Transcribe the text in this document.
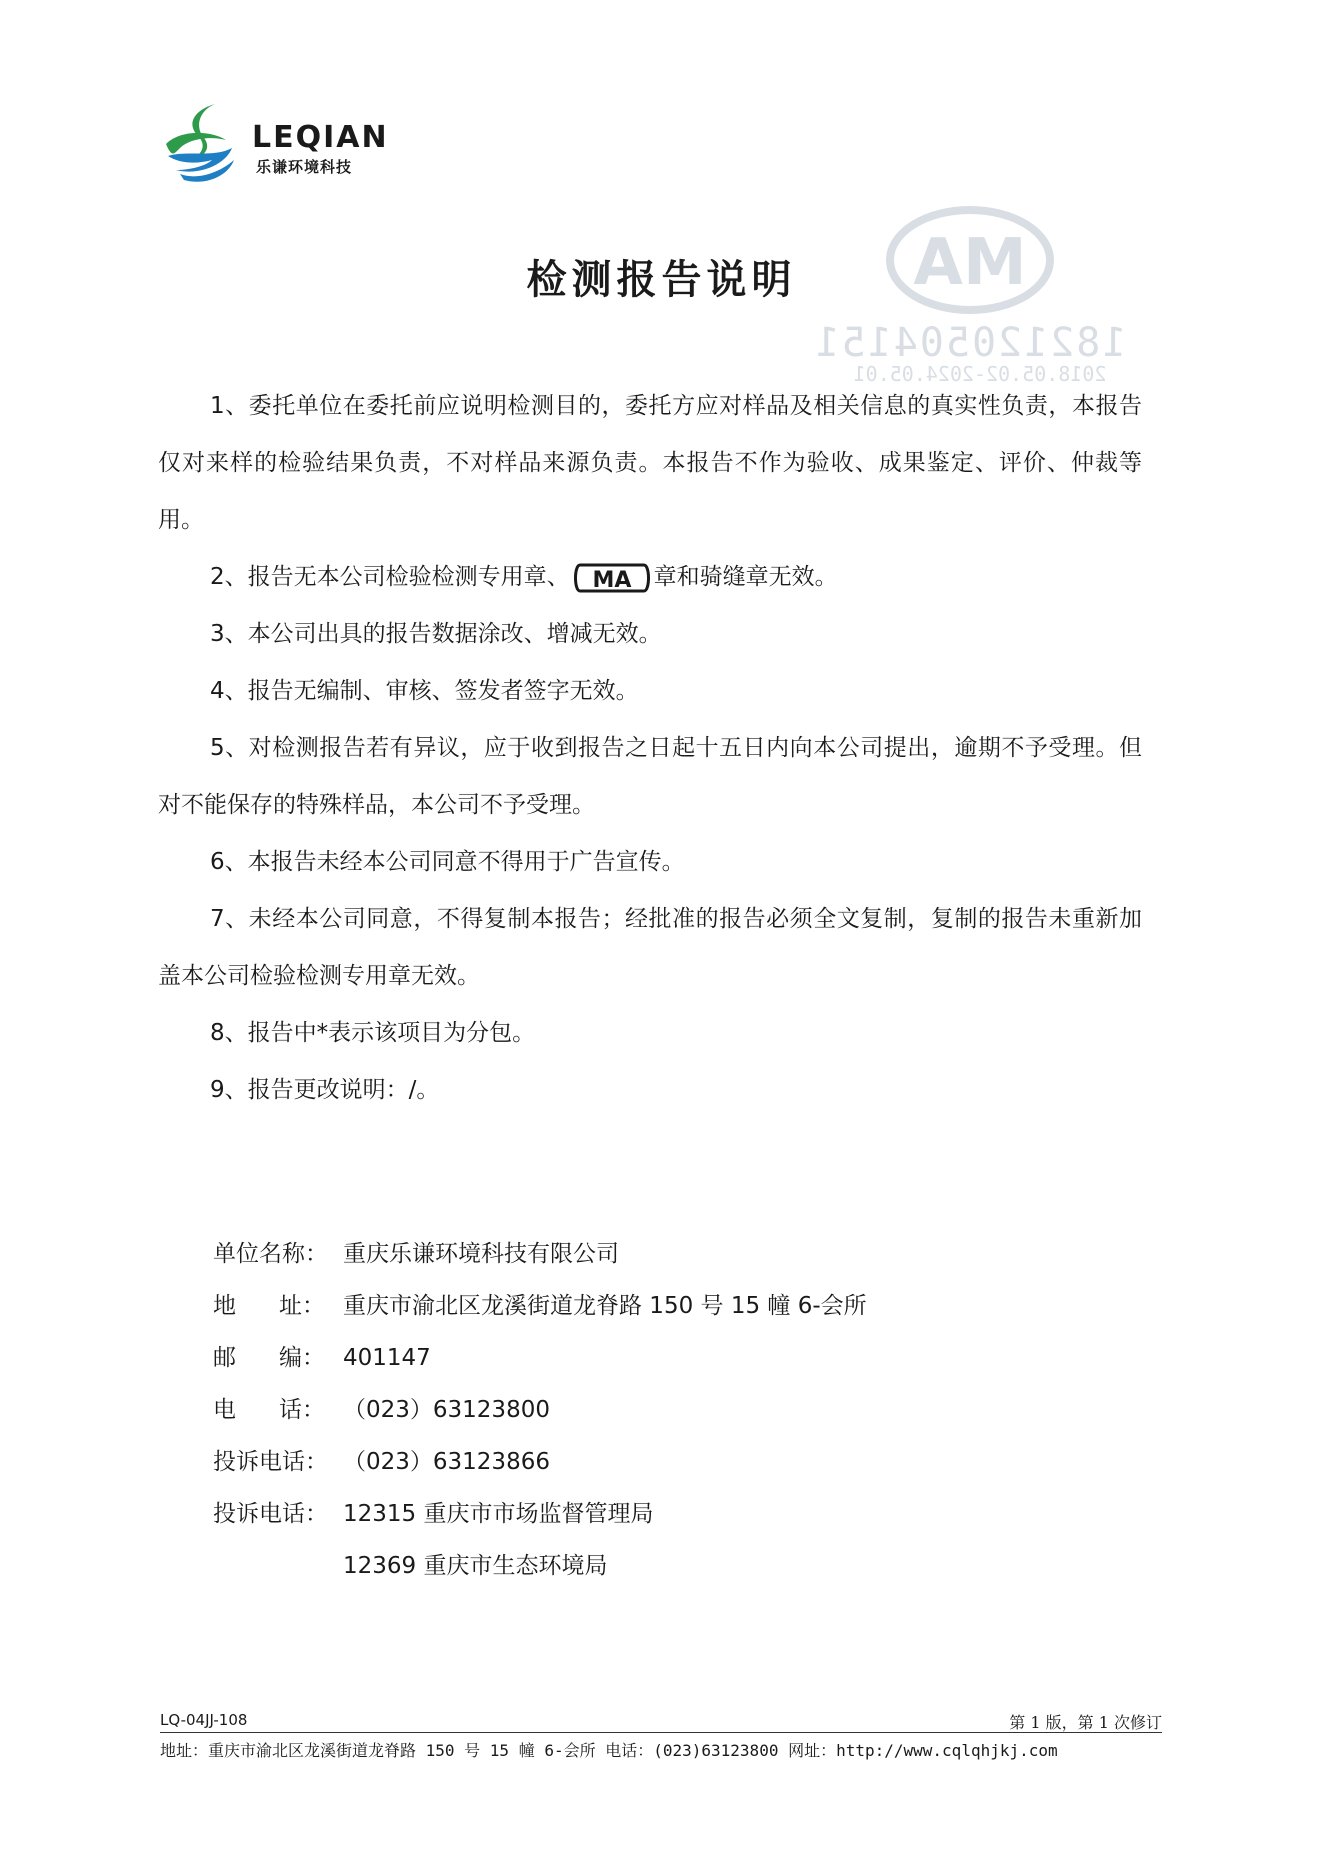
LEQIAN
乐谦环境科技
MA
182120504151
2018.05.02-2024.05.01
检测报告说明

1、委托单位在委托前应说明检测目的，委托方应对样品及相关信息的真实性负责，本报告仅对来样的检验结果负责，不对样品来源负责。本报告不作为验收、成果鉴定、评价、仲裁等用。

2、报告无本公司检验检测专用章、 MA 章和骑缝章无效。

3、本公司出具的报告数据涂改、增减无效。

4、报告无编制、审核、签发者签字无效。

5、对检测报告若有异议，应于收到报告之日起十五日内向本公司提出，逾期不予受理。但对不能保存的特殊样品，本公司不予受理。

6、本报告未经本公司同意不得用于广告宣传。

7、未经本公司同意，不得复制本报告；经批准的报告必须全文复制，复制的报告未重新加盖本公司检验检测专用章无效。

8、报告中*表示该项目为分包。

9、报告更改说明：/。

单位名称： 重庆乐谦环境科技有限公司
地 址： 重庆市渝北区龙溪街道龙脊路 150 号 15 幢 6-会所
邮 编： 401147
电 话： （023）63123800
投诉电话： （023）63123866
投诉电话： 12315 重庆市市场监督管理局
12369 重庆市生态环境局
LQ-04JJ-108	第 1 版，第 1 次修订
地址：重庆市渝北区龙溪街道龙脊路 150 号 15 幢 6-会所 电话：(023)63123800 网址：http://www.cqlqhjkj.com
